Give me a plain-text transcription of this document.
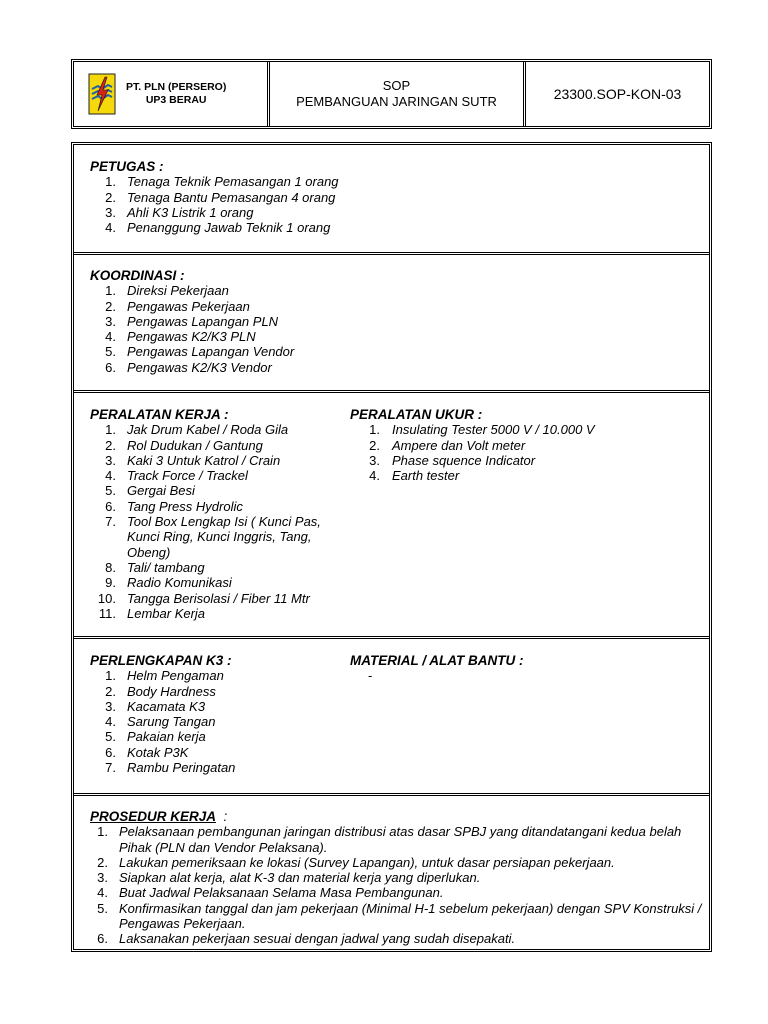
PT. PLN (PERSERO)
UP3 BERAU
SOP
PEMBANGUAN JARINGAN SUTR	23300.SOP-KON-03
PETUGAS :
1. Tenaga Teknik Pemasangan 1 orang
2. Tenaga Bantu Pemasangan 4 orang
3. Ahli K3 Listrik 1 orang
4. Penanggung Jawab Teknik 1 orang
KOORDINASI :
1. Direksi Pekerjaan
2. Pengawas Pekerjaan
3. Pengawas Lapangan PLN
4. Pengawas K2/K3 PLN
5. Pengawas Lapangan Vendor
6. Pengawas K2/K3 Vendor
PERALATAN KERJA :
1. Jak Drum Kabel / Roda Gila
2. Rol Dudukan / Gantung
3. Kaki 3 Untuk Katrol / Crain
4. Track Force / Trackel
5. Gergai Besi
6. Tang Press Hydrolic
7. Tool Box Lengkap Isi ( Kunci Pas, Kunci Ring, Kunci Inggris, Tang, Obeng)
8. Tali/ tambang
9. Radio Komunikasi
10. Tangga Berisolasi / Fiber 11 Mtr
11. Lembar Kerja
PERALATAN UKUR :
1. Insulating Tester 5000 V / 10.000 V
2. Ampere dan Volt meter
3. Phase squence Indicator
4. Earth tester
PERLENGKAPAN K3 :
1. Helm Pengaman
2. Body Hardness
3. Kacamata K3
4. Sarung Tangan
5. Pakaian kerja
6. Kotak P3K
7. Rambu Peringatan
MATERIAL / ALAT BANTU :
-
PROSEDUR KERJA :
1. Pelaksanaan pembangunan jaringan distribusi atas dasar SPBJ yang ditandatangani kedua belah Pihak (PLN dan Vendor Pelaksana).
2. Lakukan pemeriksaan ke lokasi (Survey Lapangan), untuk dasar persiapan pekerjaan.
3. Siapkan alat kerja, alat K-3 dan material kerja yang diperlukan.
4. Buat Jadwal Pelaksanaan Selama Masa Pembangunan.
5. Konfirmasikan tanggal dan jam pekerjaan (Minimal H-1 sebelum pekerjaan) dengan SPV Konstruksi / Pengawas Pekerjaan.
6. Laksanakan pekerjaan sesuai dengan jadwal yang sudah disepakati.
